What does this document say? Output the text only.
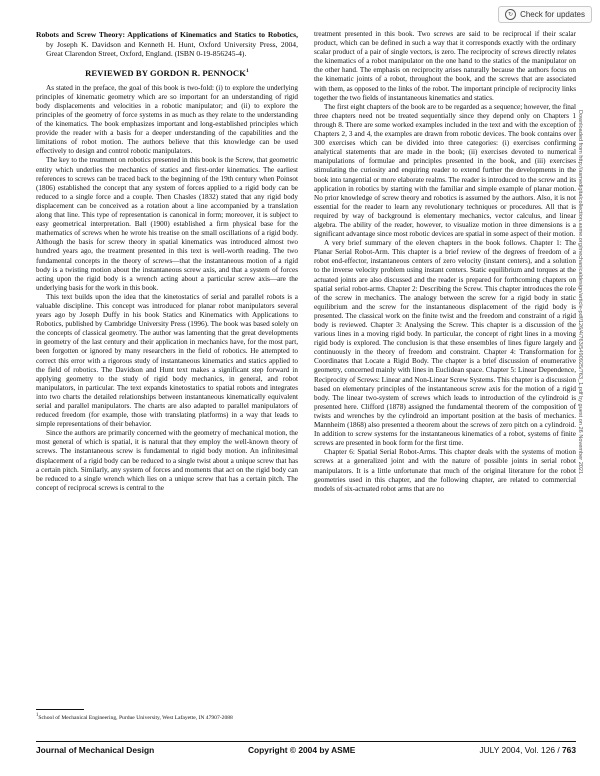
↻ Check for updates

Robots and Screw Theory: Applications of Kinematics and Statics to Robotics, by Joseph K. Davidson and Kenneth H. Hunt, Oxford University Press, 2004, Great Clarendon Street, Oxford, England. (ISBN 0-19-856245-4).

REVIEWED BY GORDON R. PENNOCK$^1$

As stated in the preface, the goal of this book is two-fold: (i) to explore the underlying principles of kinematic geometry which are so important for an understanding of rigid body displacements and velocities in a robotic manipulator; and (ii) to explore the principles of the geometry of force systems in as much as they relate to the understanding of the kinematics. The book emphasizes important and long-established principles which provide the reader with a basis for a deeper understanding of the capabilities and the limitations of robot motion. The authors believe that this knowledge can be used effectively to design and control robotic manipulators.

The key to the treatment on robotics presented in this book is the Screw, that geometric entity which underlies the mechanics of statics and first-order kinematics. The earliest references to screws can be traced back to the beginning of the 19th century when Poinsot (1806) established the concept that any system of forces applied to a rigid body can be reduced to a single force and a couple. Then Chasles (1832) stated that any rigid body displacement can be conceived as a rotation about a line accompanied by a translation along that line. This type of representation is canonical in form; moreover, it is subject to easy geometrical interpretation. Ball (1900) established a firm physical base for the mathematics of screws when he wrote his treatise on the small oscillations of a rigid body. Although the basis for screw theory in spatial kinematics was introduced almost two hundred years ago, the treatment presented in this text is well-worth reading. The two fundamental concepts in the theory of screws—that the instantaneous motion of a rigid body is a twisting motion about the instantaneous screw axis, and that a system of forces acting upon the rigid body is a wrench acting about a particular screw axis—are the underlying basis for the work in this book.

This text builds upon the idea that the kinetostatics of serial and parallel robots is a valuable discipline. This concept was introduced for planar robot manipulators several years ago by Joseph Duffy in his book Statics and Kinematics with Applications to Robotics, published by Cambridge University Press (1996). The book was based solely on the concepts of classical geometry. The author was lamenting that the great developments in geometry of the last century and their application in mechanics have, for the most part, been forgotten or ignored by many researchers in the field of robotics. He attempted to correct this error with a rigorous study of instantaneous kinematics and statics applied to the field of robotics. The Davidson and Hunt text makes a significant step forward in applying geometry to the study of rigid body mechanics, in general, and robot manipulators, in particular. The text expands kinetostatics to spatial robots and integrates into two charts the detailed relationships between instantaneous kinematically equivalent serial and parallel manipulators. The charts are also adapted to parallel manipulators of reduced freedom (for example, those with translating platforms) in a way that leads to simple representations of their behavior.

Since the authors are primarily concerned with the geometry of mechanical motion, the most general of which is spatial, it is natural that they employ the well-known theory of screws. The instantaneous screw is fundamental to rigid body motion. An infinitesimal displacement of a rigid body can be reduced to a single twist about a unique screw that has a certain pitch. Similarly, any system of forces and moments that act on the rigid body can be reduced to a single wrench which lies on a unique screw that has a certain pitch. The concept of reciprocal screws is central to the

$^1$School of Mechanical Engineering, Purdue University, West Lafayette, IN 47907-2088

treatment presented in this book. Two screws are said to be reciprocal if their scalar product, which can be defined in such a way that it corresponds exactly with the ordinary scalar product of a pair of single vectors, is zero. The reciprocity of screws directly relates the kinematics of a robot manipulator on the one hand to the statics of the manipulator on the other hand. The emphasis on reciprocity arises naturally because the authors focus on the kinematic joints of a robot, throughout the book, and the screws that are associated with them, as opposed to the links of the robot. The important principle of reciprocity links together the two fields of instantaneous kinematics and statics.

The first eight chapters of the book are to be regarded as a sequence; however, the final three chapters need not be treated sequentially since they depend only on Chapters 1 through 8. There are some worked examples included in the text and with the exception of Chapters 2, 3 and 4, the examples are drawn from robotic devices. The book contains over 300 exercises which can be divided into three categories: (i) exercises confirming analytical statements that are made in the book; (ii) exercises devoted to numerical manipulations of formulae and principles presented in the book, and (iii) exercises stimulating the curiosity and enquiring reader to extend further the developments in the book into tangential or more elaborate realms. The reader is introduced to the screw and its application in robotics by starting with the familiar and simple example of planar motion. No prior knowledge of screw theory and robotics is assumed by the authors. Also, it is not essential for the reader to learn any revolutionary techniques or procedures. All that is required by way of background is elementary mechanics, vector calculus, and linear algebra. The ability of the reader, however, to visualize motion in three dimensions is a significant advantage since most robotic devices are spatial in some aspect of their motion.

A very brief summary of the eleven chapters in the book follows. Chapter 1: The Planar Serial Robot-Arm. This chapter is a brief review of the degrees of freedom of a robot end-effector, instantaneous centers of zero velocity (instant centers), and a solution to the inverse velocity problem using instant centers. Static equilibrium and torques at the actuated joints are also discussed and the reader is prepared for forthcoming chapters on spatial serial robot-arms. Chapter 2: Describing the Screw. This chapter introduces the role of the screw in mechanics. The analogy between the screw for a rigid body in static equilibrium and the screw for the instantaneous displacement of the rigid body is presented. The classical work on the finite twist and the freedom and constraint of a rigid body is reviewed. Chapter 3: Analysing the Screw. This chapter is a discussion of the various lines in a moving rigid body. In particular, the concept of right lines in a moving rigid body is explored. The conclusion is that these ensembles of lines figure largely and continuously in the theory of freedom and constraint. Chapter 4: Transformation for Coordinates that Locate a Rigid Body. The chapter is a brief discussion of enumerative geometry, concerned mainly with lines in Euclidean space. Chapter 5: Linear Dependence, Reciprocity of Screws: Linear and Non-Linear Screw Systems. This chapter is a discussion based on elementary principles of the instantaneous screw axis for the motion of a rigid body. The linear two-system of screws which leads to introduction of the cylindroid is presented here. Clifford (1878) assigned the fundamental theorem of the composition of twists and wrenches by the cylindroid an important position at the basis of mechanics. Mannheim (1868) also presented a theorem about the screws of zero pitch on a cylindroid. In addition to screw systems for the instantaneous kinematics of a robot, systems of finite screws are presented in book form for the first time.

Chapter 6: Spatial Serial Robot-Arms. This chapter deals with the systems of motion screws at a generalized joint and with the nature of possible joints in serial robot manipulators. It is a little unfortunate that much of the original literature for the robot geometries used in this chapter, and the following chapter, are related to commercial models of six-actuated robot arms that are no

Downloaded from http://asmedigitalcollection.asme.org/mechanicaldesign/article-pdf/126/4/763/5490925/763_1.pdf by guest on 26 November 2021
Journal of Mechanical Design	Copyright © 2004 by ASME	JULY 2004, Vol. 126 / 763
